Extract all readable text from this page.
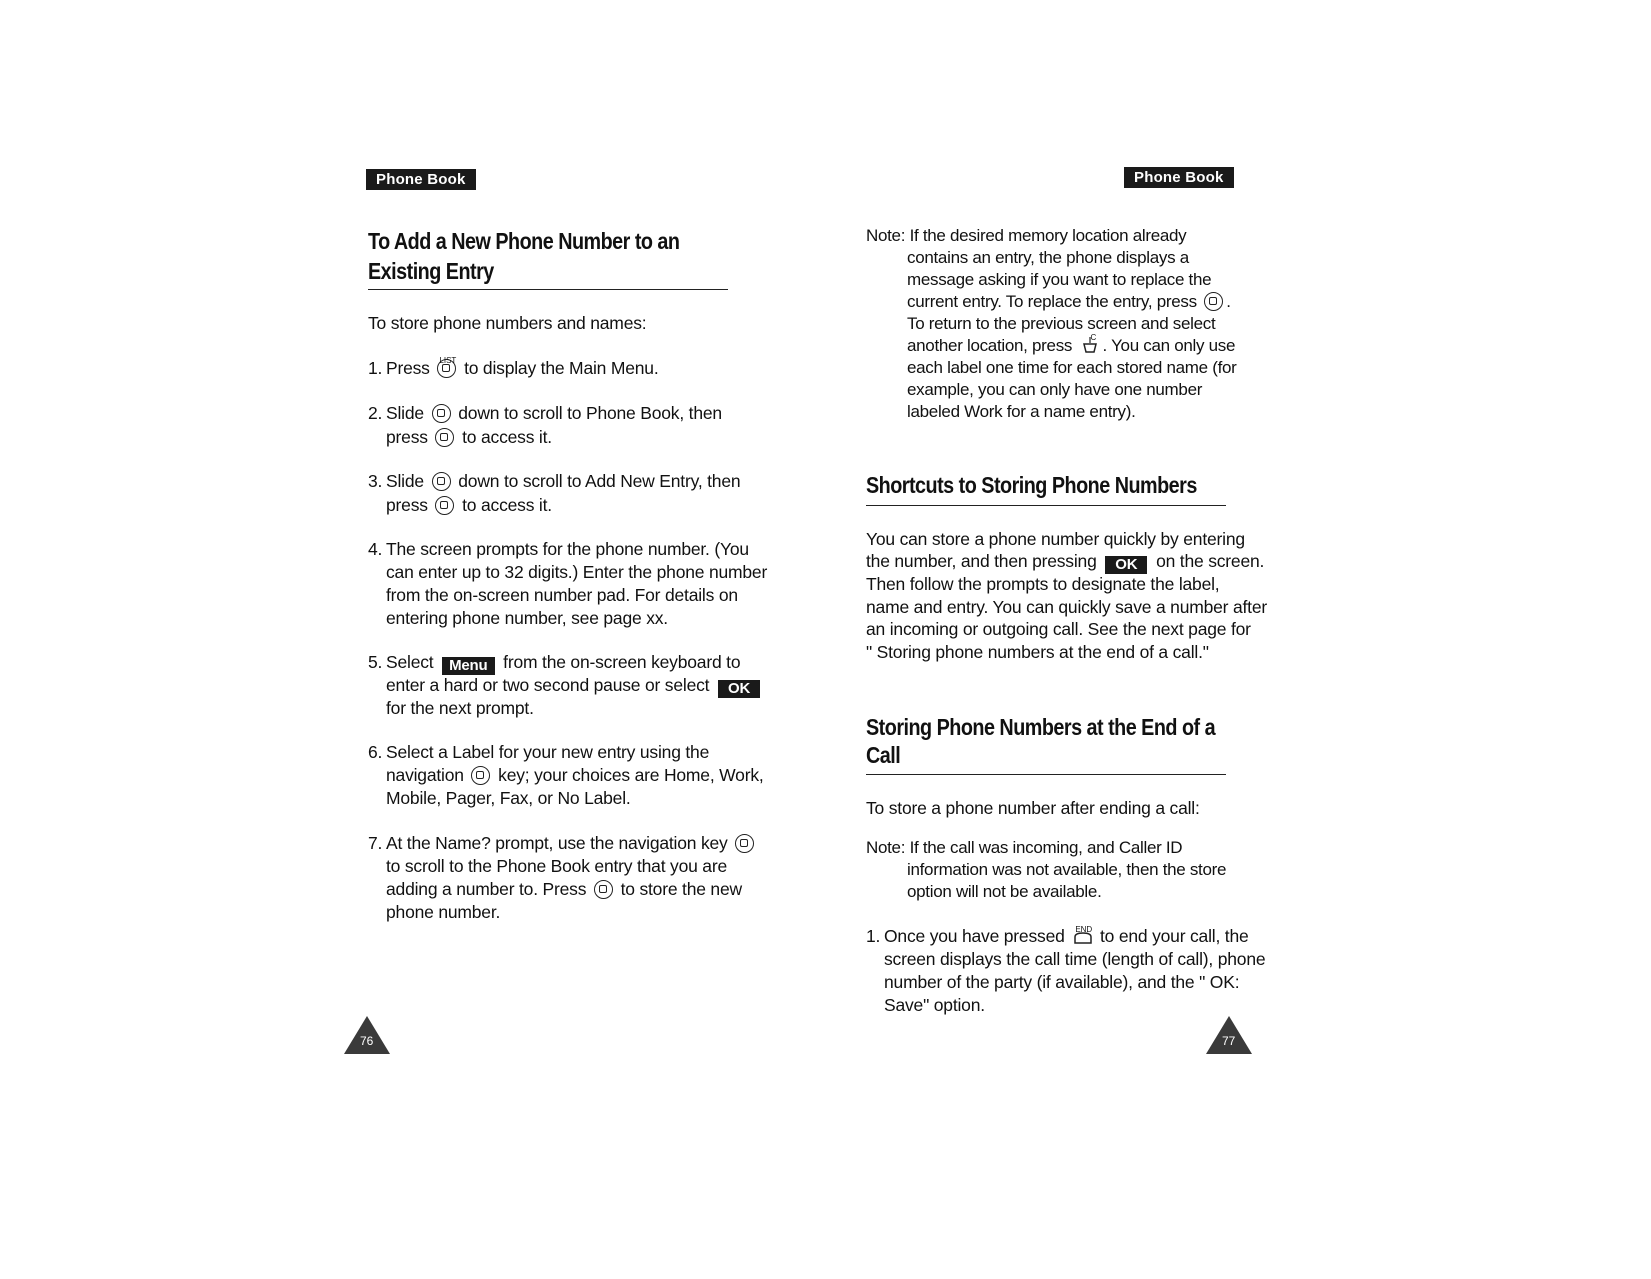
Phone Book
To Add a New Phone Number to an
Existing Entry
To store phone numbers and names:
1. Press LIST to display the Main Menu.
2. Slide down to scroll to Phone Book, then
press to access it.
3. Slide down to scroll to Add New Entry, then
press to access it.
4. The screen prompts for the phone number. (You
can enter up to 32 digits.) Enter the phone number
from the on-screen number pad. For details on
entering phone number, see page xx.
5. Select Menu from the on-screen keyboard to
enter a hard or two second pause or select OK
for the next prompt.
6. Select a Label for your new entry using the
navigation key; your choices are Home, Work,
Mobile, Pager, Fax, or No Label.
7. At the Name? prompt, use the navigation key
to scroll to the Phone Book entry that you are
adding a number to. Press to store the new
phone number.
76
Phone Book
Note: If the desired memory location already
contains an entry, the phone displays a
message asking if you want to replace the
current entry. To replace the entry, press .
To return to the previous screen and select
another location, press C . You can only use
each label one time for each stored name (for
example, you can only have one number
labeled Work for a name entry).
Shortcuts to Storing Phone Numbers
You can store a phone number quickly by entering
the number, and then pressing OK on the screen.
Then follow the prompts to designate the label,
name and entry. You can quickly save a number after
an incoming or outgoing call. See the next page for
" Storing phone numbers at the end of a call."
Storing Phone Numbers at the End of a
Call
To store a phone number after ending a call:
Note: If the call was incoming, and Caller ID
information was not available, then the store
option will not be available.
1. Once you have pressed END to end your call, the
screen displays the call time (length of call), phone
number of the party (if available), and the " OK:
Save" option.
77
